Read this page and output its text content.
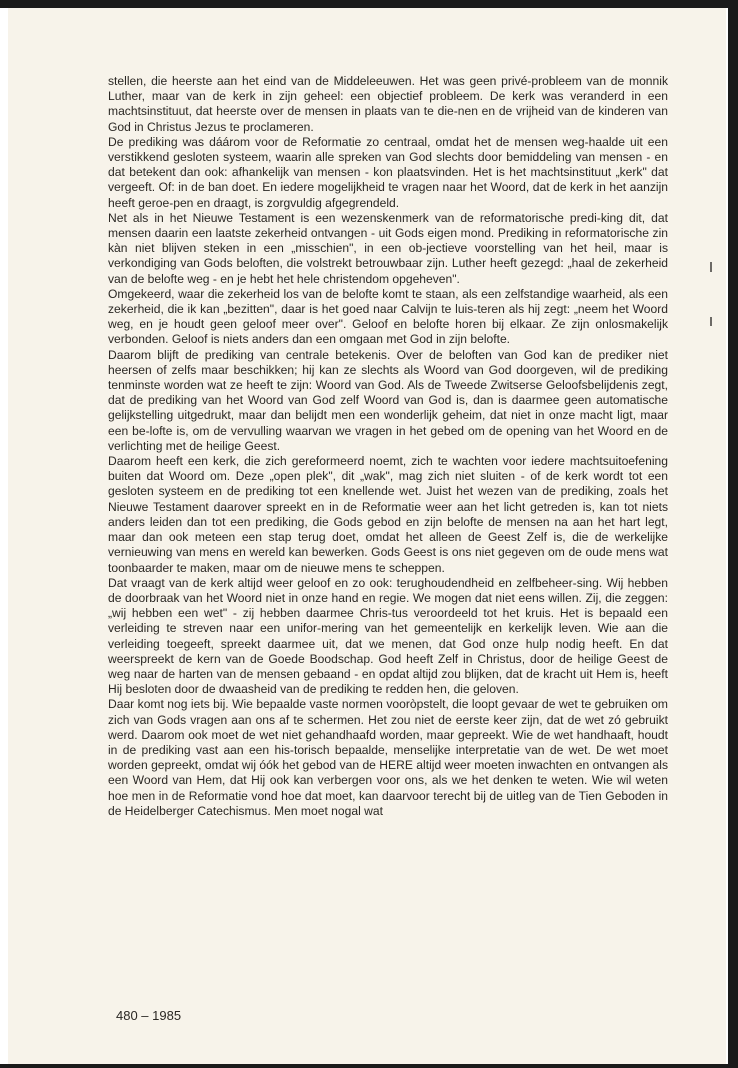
stellen, die heerste aan het eind van de Middeleeuwen. Het was geen privé-probleem van de monnik Luther, maar van de kerk in zijn geheel: een objectief probleem. De kerk was veranderd in een machtsinstituut, dat heerste over de mensen in plaats van te die-nen en de vrijheid van de kinderen van God in Christus Jezus te proclameren.

De prediking was dáárom voor de Reformatie zo centraal, omdat het de mensen weg-haalde uit een verstikkend gesloten systeem, waarin alle spreken van God slechts door bemiddeling van mensen - en dat betekent dan ook: afhankelijk van mensen - kon plaatsvinden. Het is het machtsinstituut „kerk" dat vergeeft. Of: in de ban doet. En iedere mogelijkheid te vragen naar het Woord, dat de kerk in het aanzijn heeft geroe-pen en draagt, is zorgvuldig afgegrendeld.

Net als in het Nieuwe Testament is een wezenskenmerk van de reformatorische predi-king dit, dat mensen daarin een laatste zekerheid ontvangen - uit Gods eigen mond. Prediking in reformatorische zin kàn niet blijven steken in een „misschien", in een ob-jectieve voorstelling van het heil, maar is verkondiging van Gods beloften, die volstrekt betrouwbaar zijn. Luther heeft gezegd: „haal de zekerheid van de belofte weg - en je hebt het hele christendom opgeheven".

Omgekeerd, waar die zekerheid los van de belofte komt te staan, als een zelfstandige waarheid, als een zekerheid, die ik kan „bezitten", daar is het goed naar Calvijn te luis-teren als hij zegt: „neem het Woord weg, en je houdt geen geloof meer over". Geloof en belofte horen bij elkaar. Ze zijn onlosmakelijk verbonden. Geloof is niets anders dan een omgaan met God in zijn belofte.

Daarom blijft de prediking van centrale betekenis. Over de beloften van God kan de prediker niet heersen of zelfs maar beschikken; hij kan ze slechts als Woord van God doorgeven, wil de prediking tenminste worden wat ze heeft te zijn: Woord van God. Als de Tweede Zwitserse Geloofsbelijdenis zegt, dat de prediking van het Woord van God zelf Woord van God is, dan is daarmee geen automatische gelijkstelling uitgedrukt, maar dan belijdt men een wonderlijk geheim, dat niet in onze macht ligt, maar een be-lofte is, om de vervulling waarvan we vragen in het gebed om de opening van het Woord en de verlichting met de heilige Geest.

Daarom heeft een kerk, die zich gereformeerd noemt, zich te wachten voor iedere machtsuitoefening buiten dat Woord om. Deze „open plek", dit „wak", mag zich niet sluiten - of de kerk wordt tot een gesloten systeem en de prediking tot een knellende wet. Juist het wezen van de prediking, zoals het Nieuwe Testament daarover spreekt en in de Reformatie weer aan het licht getreden is, kan tot niets anders leiden dan tot een prediking, die Gods gebod en zijn belofte de mensen na aan het hart legt, maar dan ook meteen een stap terug doet, omdat het alleen de Geest Zelf is, die de werkelijke vernieuwing van mens en wereld kan bewerken. Gods Geest is ons niet gegeven om de oude mens wat toonbaarder te maken, maar om de nieuwe mens te scheppen.

Dat vraagt van de kerk altijd weer geloof en zo ook: terughoudendheid en zelfbeheer-sing. Wij hebben de doorbraak van het Woord niet in onze hand en regie. We mogen dat niet eens willen. Zij, die zeggen: „wij hebben een wet" - zij hebben daarmee Chris-tus veroordeeld tot het kruis. Het is bepaald een verleiding te streven naar een unifor-mering van het gemeentelijk en kerkelijk leven. Wie aan die verleiding toegeeft, spreekt daarmee uit, dat we menen, dat God onze hulp nodig heeft. En dat weerspreekt de kern van de Goede Boodschap. God heeft Zelf in Christus, door de heilige Geest de weg naar de harten van de mensen gebaand - en opdat altijd zou blijken, dat de kracht uit Hem is, heeft Hij besloten door de dwaasheid van de prediking te redden hen, die geloven.

Daar komt nog iets bij. Wie bepaalde vaste normen vooròpstelt, die loopt gevaar de wet te gebruiken om zich van Gods vragen aan ons af te schermen. Het zou niet de eerste keer zijn, dat de wet zó gebruikt werd. Daarom ook moet de wet niet gehandhaafd worden, maar gepreekt. Wie de wet handhaaft, houdt in de prediking vast aan een his-torisch bepaalde, menselijke interpretatie van de wet. De wet moet worden gepreekt, omdat wij óók het gebod van de HERE altijd weer moeten inwachten en ontvangen als een Woord van Hem, dat Hij ook kan verbergen voor ons, als we het denken te weten. Wie wil weten hoe men in de Reformatie vond hoe dat moet, kan daarvoor terecht bij de uitleg van de Tien Geboden in de Heidelberger Catechismus. Men moet nogal wat

480 – 1985
